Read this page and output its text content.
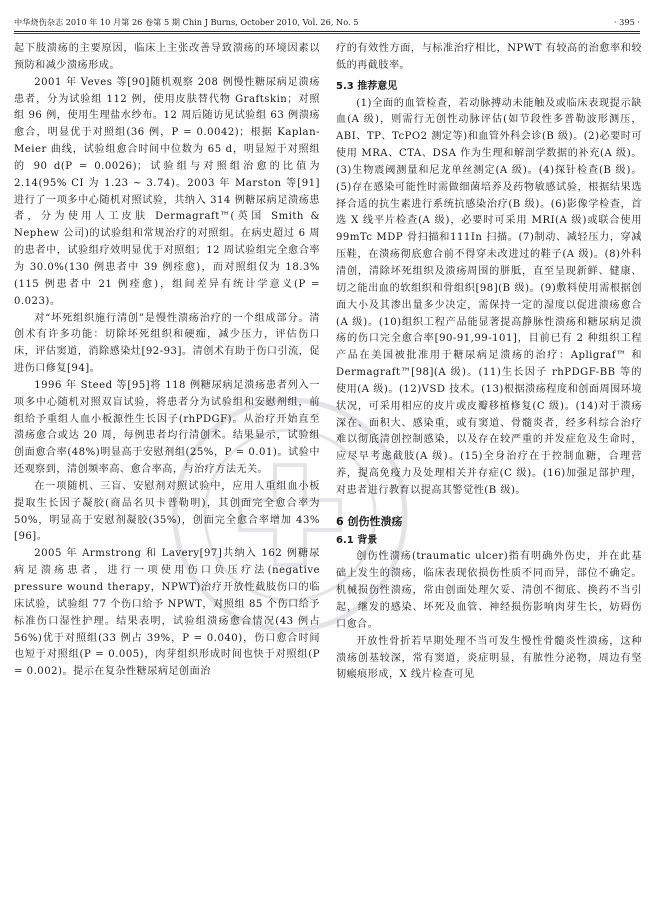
中华烧伤杂志 2010 年 10 月第 26 卷第 5 期 Chin J Burns, October 2010, Vol. 26, No. 5	· 395 ·

起下肢溃疡的主要原因，临床上主张改善导致溃疡的环境因素以预防和减少溃疡形成。

2001 年 Veves 等[90]随机观察 208 例慢性糖尿病足溃疡患者，分为试验组 112 例，使用皮肤替代物 Graftskin；对照组 96 例，使用生理盐水纱布。12 周后随访见试验组 63 例溃疡愈合，明显优于对照组(36 例，P = 0.0042)；根据 Kaplan-Meier 曲线，试验组愈合时间中位数为 65 d，明显短于对照组的 90 d(P = 0.0026)；试验组与对照组治愈的比值为 2.14(95% CI 为 1.23 ~ 3.74)。2003 年 Marston 等[91]进行了一项多中心随机对照试验，共纳入 314 例糖尿病足溃疡患者，分为使用人工皮肤 Dermagraft™(英国 Smith & Nephew 公司)的试验组和常规治疗的对照组。在病史超过 6 周的患者中，试验组疗效明显优于对照组；12 周试验组完全愈合率为 30.0%(130 例患者中 39 例痊愈)，而对照组仅为 18.3%(115 例患者中 21 例痊愈)，组间差异有统计学意义(P = 0.023)。

对“坏死组织施行清创”是慢性溃疡治疗的一个组成部分。清创术有许多功能：切除坏死组织和硬痂，减少压力，评估伤口床，评估窦道，消除感染灶[92-93]。清创术有助于伤口引流，促进伤口修复[94]。

1996 年 Steed 等[95]将 118 例糖尿病足溃疡患者列入一项多中心随机对照双盲试验，将患者分为试验组和安慰剂组，前组给予重组人血小板源性生长因子(rhPDGF)。从治疗开始直至溃疡愈合或达 20 周，每例患者均行清创术。结果显示，试验组创面愈合率(48%)明显高于安慰剂组(25%，P = 0.01)。试验中还观察到，清创频率高、愈合率高，与治疗方法无关。

在一项随机、三盲、安慰剂对照试验中，应用人重组血小板提取生长因子凝胶(商品名贝卡普勒明)，其创面完全愈合率为 50%，明显高于安慰剂凝胶(35%)，创面完全愈合率增加 43%[96]。

2005 年 Armstrong 和 Lavery[97]共纳入 162 例糖尿病足溃疡患者，进行一项使用伤口负压疗法(negative pressure wound therapy，NPWT)治疗开放性截肢伤口的临床试验，试验组 77 个伤口给予 NPWT，对照组 85 个伤口给予标准伤口湿性护理。结果表明，试验组溃疡愈合情况(43 例占 56%)优于对照组(33 例占 39%，P = 0.040)，伤口愈合时间也短于对照组(P = 0.005)，肉芽组织形成时间也快于对照组(P = 0.002)。提示在复杂性糖尿病足创面治

疗的有效性方面，与标准治疗相比，NPWT 有较高的治愈率和较低的再截肢率。

5.3 推荐意见

(1)全面的血管检查，若动脉搏动未能触及或临床表现提示缺血(A 级)，则需行无创性动脉评估(如节段性多普勒波形测压，ABI、TP、TcPO2 测定等)和血管外科会诊(B 级)。(2)必要时可使用 MRA、CTA、DSA 作为生理和解剖学数据的补充(A 级)。(3)生物震阈测量和尼龙单丝测定(A 级)。(4)探针检查(B 级)。(5)存在感染可能性时需做细菌培养及药物敏感试验，根据结果选择合适的抗生素进行系统抗感染治疗(B 级)。(6)影像学检查，首选 X 线平片检查(A 级)，必要时可采用 MRI(A 级)或联合使用99mTc MDP 骨扫描和111In 扫描。(7)制动、减轻压力，穿减压鞋，在溃疡彻底愈合前不得穿未改进过的鞋子(A 级)。(8)外科清创，清除坏死组织及溃疡周围的胼胝，直至呈现新鲜、健康、切之能出血的软组织和骨组织[98](B 级)。(9)敷料使用需根据创面大小及其渗出量多少决定，需保持一定的湿度以促进溃疡愈合(A 级)。(10)组织工程产品能显著提高静脉性溃疡和糖尿病足溃疡的伤口完全愈合率[90-91,99-101]，目前已有 2 种组织工程产品在美国被批准用于糖尿病足溃疡的治疗：Apligraf™ 和 Dermagraft™[98](A 级)。(11)生长因子 rhPDGF-BB 等的使用(A 级)。(12)VSD 技术。(13)根据溃疡程度和创面周围环境状况，可采用相应的皮片或皮瓣移植修复(C 级)。(14)对于溃疡深在、面积大、感染重，或有窦道、骨髓炎者，经多科综合治疗难以彻底清创控制感染，以及存在较严重的并发症危及生命时，应尽早考虑截肢(A 级)。(15)全身治疗在于控制血糖，合理营养，提高免疫力及处理相关并存症(C 级)。(16)加强足部护理，对患者进行教育以提高其警觉性(B 级)。

6 创伤性溃疡
6.1 背景

创伤性溃疡(traumatic ulcer)指有明确外伤史，并在此基础上发生的溃疡，临床表现依损伤性质不同而异，部位不确定。机械损伤性溃疡，常由创面处理欠妥、清创不彻底、换药不当引起，继发的感染、坏死及血管、神经损伤影响肉芽生长，妨碍伤口愈合。

开放性骨折若早期处理不当可发生慢性骨髓炎性溃疡，这种溃疡创基较深，常有窦道，炎症明显，有脓性分泌物，周边有坚韧瘢痕形成，X 线片检查可见
